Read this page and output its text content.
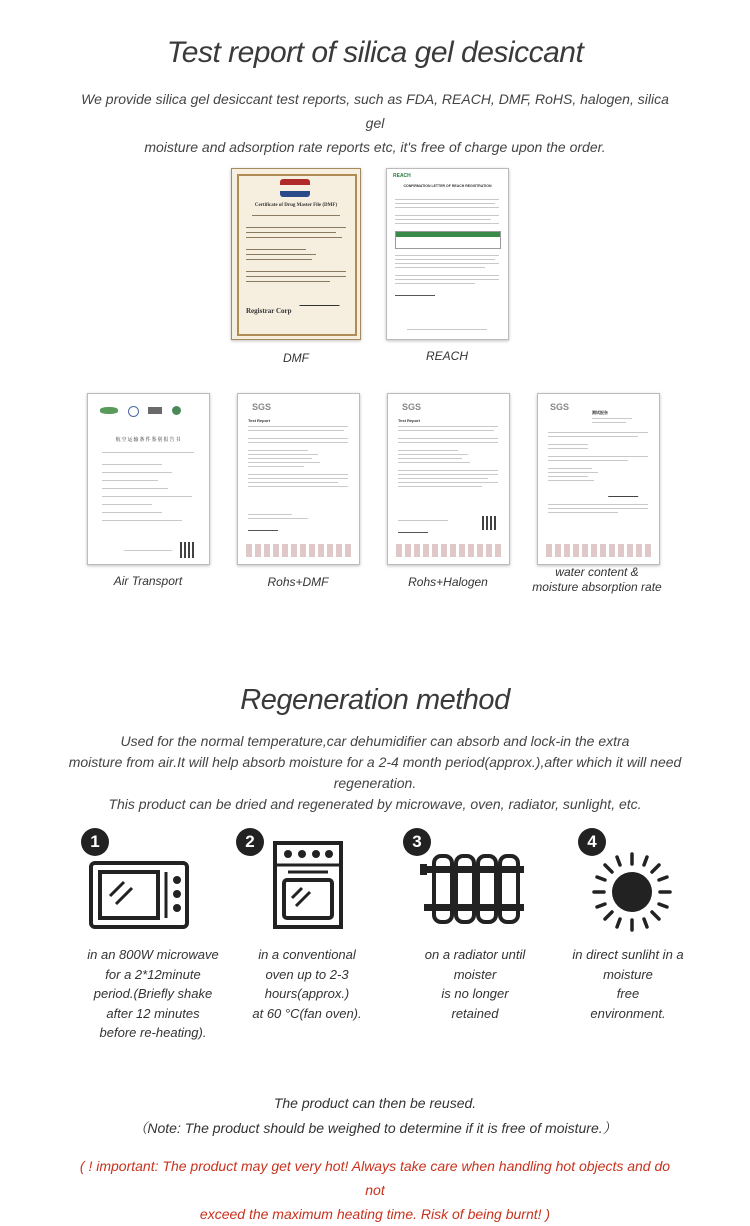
Test report of silica gel desiccant
We provide silica gel desiccant test reports, such as FDA, REACH, DMF, RoHS, halogen, silica gel
moisture and adsorption rate reports etc, it's free of charge upon the order.
Certificate of Drug Master File (DMF)
Registrar Corp
DMF
REACH
CONFIRMATION LETTER OF REACH REGISTRATION
REACH
航空运输条件鉴别报告书
Air Transport
SGS
Test Report
Rohs+DMF
SGS
Test Report
Rohs+Halogen
SGS
测试报告
water content &
moisture absorption rate
Regeneration method
Used for the normal temperature,car dehumidifier can absorb and lock-in the extra
moisture from air.It will help absorb moisture for a 2-4 month period(approx.),after which it will need regeneration.
This product can be dried and regenerated by microwave, oven, radiator, sunlight, etc.
1
in an 800W microwave
for a 2*12minute
period.(Briefly shake
after 12 minutes
before re-heating).
2
in a conventional
oven up to 2-3
hours(approx.)
at 60 °C(fan oven).
3
on a radiator until
moister
is no longer
retained
4
in direct sunliht in a
moisture
free
environment.
The product can then be reused.
（Note: The product should be weighed to determine if it is free of moisture.）
( ! important: The product may get very hot! Always take care when handling hot objects and do not
exceed the maximum heating time. Risk of being burnt! )
